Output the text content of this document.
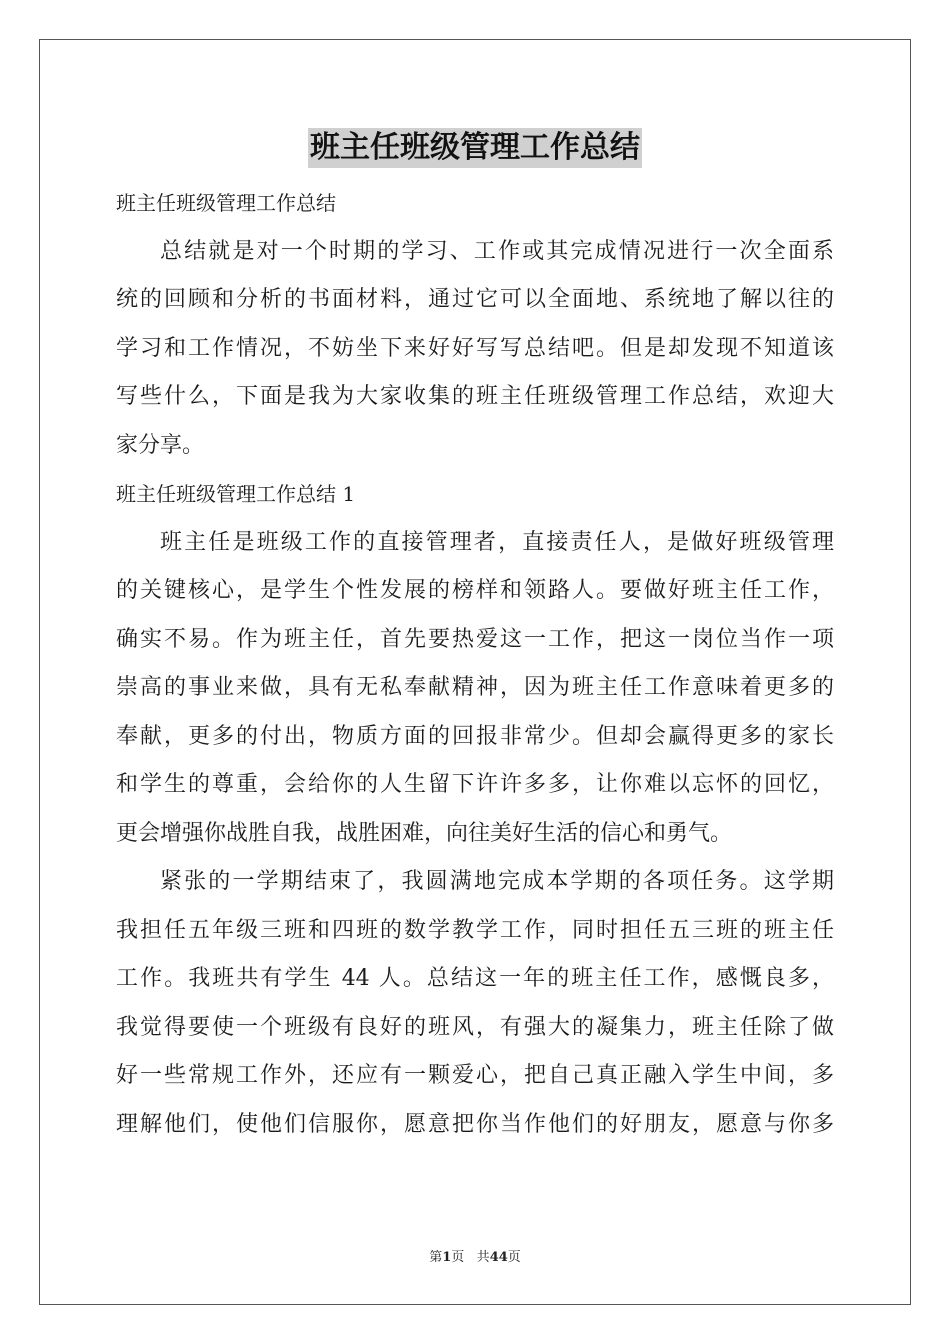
班主任班级管理工作总结
班主任班级管理工作总结
总结就是对一个时期的学习、工作或其完成情况进行一次全面系
统的回顾和分析的书面材料，通过它可以全面地、系统地了解以往的
学习和工作情况，不妨坐下来好好写写总结吧。但是却发现不知道该
写些什么，下面是我为大家收集的班主任班级管理工作总结，欢迎大
家分享。
班主任班级管理工作总结 1
班主任是班级工作的直接管理者，直接责任人，是做好班级管理
的关键核心，是学生个性发展的榜样和领路人。要做好班主任工作，
确实不易。作为班主任，首先要热爱这一工作，把这一岗位当作一项
崇高的事业来做，具有无私奉献精神，因为班主任工作意味着更多的
奉献，更多的付出，物质方面的回报非常少。但却会赢得更多的家长
和学生的尊重，会给你的人生留下许许多多，让你难以忘怀的回忆，
更会增强你战胜自我，战胜困难，向往美好生活的信心和勇气。
紧张的一学期结束了，我圆满地完成本学期的各项任务。这学期
我担任五年级三班和四班的数学教学工作，同时担任五三班的班主任
工作。我班共有学生 44 人。总结这一年的班主任工作，感慨良多，
我觉得要使一个班级有良好的班风，有强大的凝集力，班主任除了做
好一些常规工作外，还应有一颗爱心，把自己真正融入学生中间，多
理解他们，使他们信服你，愿意把你当作他们的好朋友，愿意与你多
第1页 共44页
